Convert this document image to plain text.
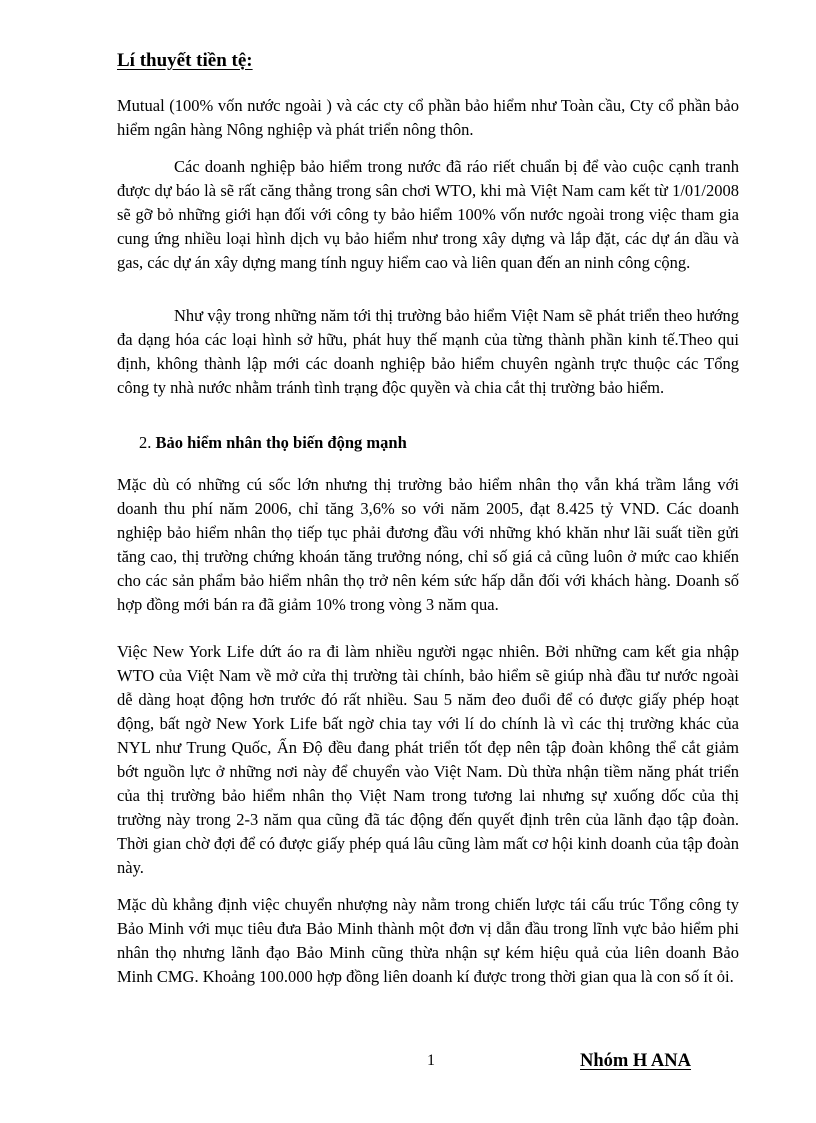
Lí thuyết tiền tệ:

Mutual (100% vốn nước ngoài ) và các cty cổ phần bảo hiểm như Toàn cầu, Cty cổ phần bảo hiểm ngân hàng Nông nghiệp và phát triển nông thôn.

Các doanh nghiệp bảo hiểm trong nước đã ráo riết chuẩn bị để vào cuộc cạnh tranh được dự báo là sẽ rất căng thẳng trong sân chơi WTO, khi mà Việt Nam cam kết từ 1/01/2008 sẽ gỡ bỏ những giới hạn đối với công ty bảo hiểm 100% vốn nước ngoài trong việc tham gia cung ứng nhiều loại hình dịch vụ bảo hiểm như trong xây dựng và lắp đặt, các dự án dầu và gas, các dự án xây dựng mang tính nguy hiểm cao và liên quan đến an ninh công cộng.

Như vậy trong những năm tới thị trường bảo hiểm Việt Nam sẽ phát triển theo hướng đa dạng hóa các loại hình sở hữu, phát huy thế mạnh của từng thành phần kinh tế.Theo qui định, không thành lập mới các doanh nghiệp bảo hiểm chuyên ngành trực thuộc các Tổng công ty nhà nước nhằm tránh tình trạng độc quyền và chia cắt thị trường bảo hiểm.

2. Bảo hiểm nhân thọ biến động mạnh

Mặc dù có những cú sốc lớn nhưng thị trường bảo hiểm nhân thọ vẫn khá trầm lắng với doanh thu phí năm 2006, chỉ tăng 3,6% so với năm 2005, đạt 8.425 tỷ VND. Các doanh nghiệp bảo hiểm nhân thọ tiếp tục phải đương đầu với những khó khăn như lãi suất tiền gửi tăng cao, thị trường chứng khoán tăng trưởng nóng, chỉ số giá cả cũng luôn ở mức cao khiến cho các sản phẩm bảo hiểm nhân thọ trở nên kém sức hấp dẫn đối với khách hàng. Doanh số hợp đồng mới bán ra đã giảm 10% trong vòng 3 năm qua.

Việc New York Life dứt áo ra đi làm nhiều người ngạc nhiên. Bởi những cam kết gia nhập WTO của Việt Nam về mở cửa thị trường tài chính, bảo hiểm sẽ giúp nhà đầu tư nước ngoài dễ dàng hoạt động hơn trước đó rất nhiều. Sau 5 năm đeo đuổi để có được giấy phép hoạt động, bất ngờ New York Life bất ngờ chia tay với lí do chính là vì các thị trường khác của NYL như Trung Quốc, Ấn Độ đều đang phát triển tốt đẹp nên tập đoàn không thể cắt giảm bớt nguồn lực ở những nơi này để chuyển vào Việt Nam. Dù thừa nhận tiềm năng phát triển của thị trường bảo hiểm nhân thọ Việt Nam trong tương lai nhưng sự xuống dốc của thị trường này trong 2-3 năm qua cũng đã tác động đến quyết định trên của lãnh đạo tập đoàn. Thời gian chờ đợi để có được giấy phép quá lâu cũng làm mất cơ hội kinh doanh của tập đoàn này.

Mặc dù khẳng định việc chuyển nhượng này nằm trong chiến lược tái cấu trúc Tổng công ty Bảo Minh với mục tiêu đưa Bảo Minh thành một đơn vị dẫn đầu trong lĩnh vực bảo hiểm phi nhân thọ nhưng lãnh đạo Bảo Minh cũng thừa nhận sự kém hiệu quả của liên doanh Bảo Minh CMG. Khoảng 100.000 hợp đồng liên doanh kí được trong thời gian qua là con số ít ỏi.

1	Nhóm H ANA
